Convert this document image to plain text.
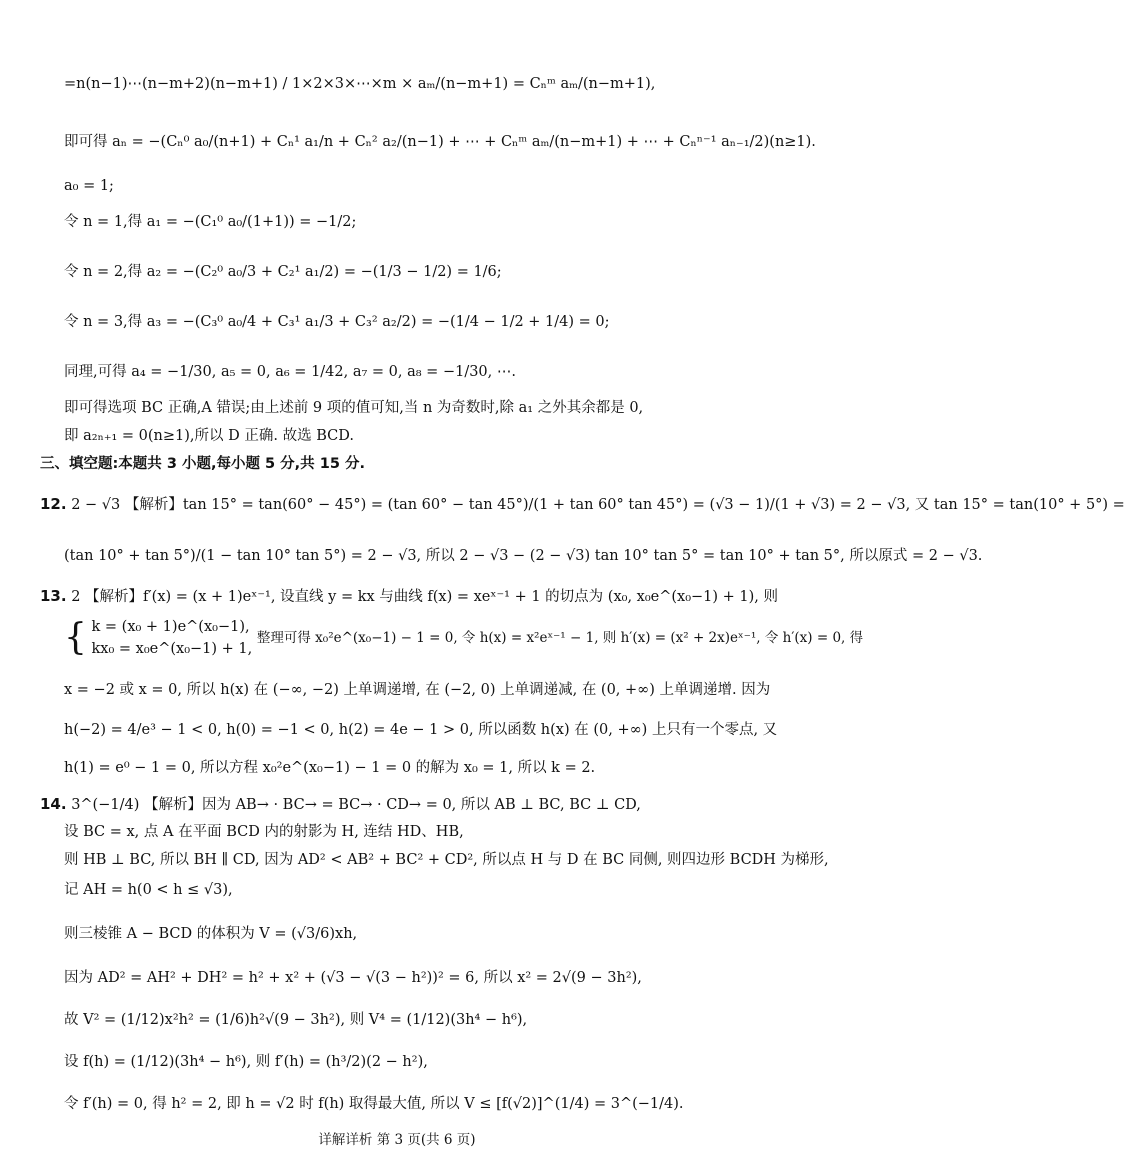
=n(n−1)⋯(n−m+2)(n−m+1) / 1×2×3×⋯×m × aₘ/(n−m+1) = Cₙᵐ aₘ/(n−m+1),
即可得 aₙ = −(Cₙ⁰ a₀/(n+1) + Cₙ¹ a₁/n + Cₙ² a₂/(n−1) + ⋯ + Cₙᵐ aₘ/(n−m+1) + ⋯ + Cₙⁿ⁻¹ aₙ₋₁/2)(n≥1).
a₀ = 1;
令 n = 1,得 a₁ = −(C₁⁰ a₀/(1+1)) = −1/2;
令 n = 2,得 a₂ = −(C₂⁰ a₀/3 + C₂¹ a₁/2) = −(1/3 − 1/2) = 1/6;
令 n = 3,得 a₃ = −(C₃⁰ a₀/4 + C₃¹ a₁/3 + C₃² a₂/2) = −(1/4 − 1/2 + 1/4) = 0;
同理,可得 a₄ = −1/30, a₅ = 0, a₆ = 1/42, a₇ = 0, a₈ = −1/30, ⋯.
即可得选项 BC 正确,A 错误;由上述前 9 项的值可知,当 n 为奇数时,除 a₁ 之外其余都是 0,
即 a₂ₙ₊₁ = 0(n≥1),所以 D 正确. 故选 BCD.
三、填空题:本题共 3 小题,每小题 5 分,共 15 分.
12. 2 − √3 【解析】tan 15° = tan(60° − 45°) = (tan 60° − tan 45°)/(1 + tan 60° tan 45°) = (√3 − 1)/(1 + √3) = 2 − √3, 又 tan 15° = tan(10° + 5°) =
(tan 10° + tan 5°)/(1 − tan 10° tan 5°) = 2 − √3, 所以 2 − √3 − (2 − √3) tan 10° tan 5° = tan 10° + tan 5°, 所以原式 = 2 − √3.
13. 2 【解析】f′(x) = (x + 1)eˣ⁻¹, 设直线 y = kx 与曲线 f(x) = xeˣ⁻¹ + 1 的切点为 (x₀, x₀e^(x₀−1) + 1), 则
{ k = (x₀ + 1)e^(x₀−1),
kx₀ = x₀e^(x₀−1) + 1,
整理可得 x₀²e^(x₀−1) − 1 = 0, 令 h(x) = x²eˣ⁻¹ − 1, 则 h′(x) = (x² + 2x)eˣ⁻¹, 令 h′(x) = 0, 得
x = −2 或 x = 0, 所以 h(x) 在 (−∞, −2) 上单调递增, 在 (−2, 0) 上单调递减, 在 (0, +∞) 上单调递增. 因为
h(−2) = 4/e³ − 1 < 0, h(0) = −1 < 0, h(2) = 4e − 1 > 0, 所以函数 h(x) 在 (0, +∞) 上只有一个零点, 又
h(1) = e⁰ − 1 = 0, 所以方程 x₀²e^(x₀−1) − 1 = 0 的解为 x₀ = 1, 所以 k = 2.
14. 3^(−1/4) 【解析】因为 AB→ · BC→ = BC→ · CD→ = 0, 所以 AB ⊥ BC, BC ⊥ CD,
设 BC = x, 点 A 在平面 BCD 内的射影为 H, 连结 HD、HB,
则 HB ⊥ BC, 所以 BH ∥ CD, 因为 AD² < AB² + BC² + CD², 所以点 H 与 D 在 BC 同侧, 则四边形 BCDH 为梯形,
记 AH = h(0 < h ≤ √3),
则三棱锥 A − BCD 的体积为 V = (√3/6)xh,
因为 AD² = AH² + DH² = h² + x² + (√3 − √(3 − h²))² = 6, 所以 x² = 2√(9 − 3h²),
故 V² = (1/12)x²h² = (1/6)h²√(9 − 3h²), 则 V⁴ = (1/12)(3h⁴ − h⁶),
设 f(h) = (1/12)(3h⁴ − h⁶), 则 f′(h) = (h³/2)(2 − h²),
令 f′(h) = 0, 得 h² = 2, 即 h = √2 时 f(h) 取得最大值, 所以 V ≤ [f(√2)]^(1/4) = 3^(−1/4).
详解详析 第 3 页(共 6 页)
